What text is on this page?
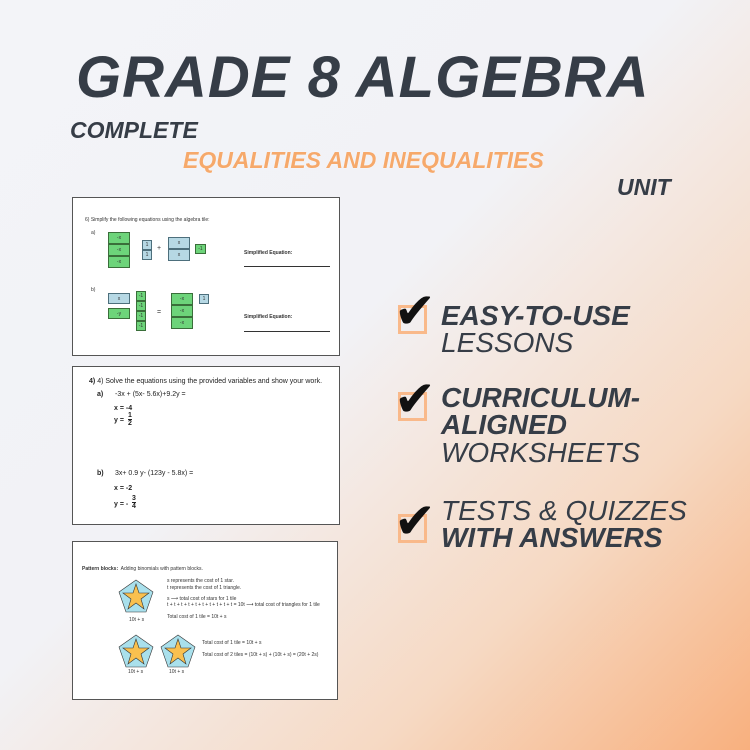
GRADE 8 ALGEBRA
COMPLETE
EQUALITIES AND INEQUALITIES
UNIT
6) Simplify the following equations using the algebra tile:
a)
-x
-x
-x
1
1
+
x
x
-1
Simplified Equation:
b)
x
-y
-1
-1
-1
-1
=
-x
-x
-x
1
Simplified Equation:
4) 4) Solve the equations using the provided variables and show your work.
a) -3x + (5x- 5.6x)+9.2y =
x = -4
y =
1
2
b) 3x+ 0.9 y- (123y - 5.8x) =
x = -2
y = -
3
4
Pattern blocks: Adding binomials with pattern blocks.
10t + s
s represents the cost of 1 star.
t represents the cost of 1 triangle.
s ⟶ total cost of stars for 1 tile
t + t + t + t + t + t + t + t + t + t = 10t ⟶ total cost of triangles for 1 tile
Total cost of 1 tile = 10t + s
10t + s	10t + s
Total cost of 1 tile = 10t + s
Total cost of 2 tiles = (10t + s) + (10t + s) = (20t + 2s)
✔ EASY-TO-USE
LESSONS
✔ CURRICULUM-
ALIGNED
WORKSHEETS
✔ TESTS & QUIZZES
WITH ANSWERS
